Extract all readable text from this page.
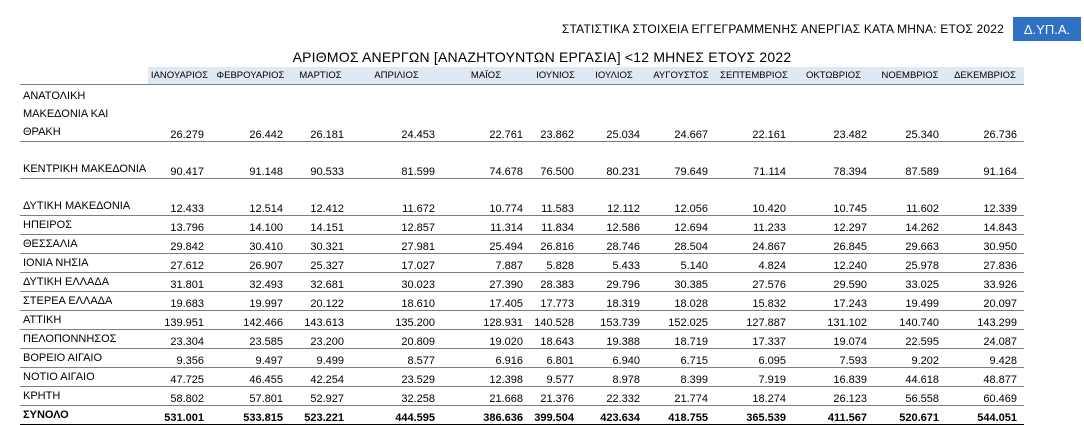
ΣΤΑΤΙΣΤΙΚΑ ΣΤΟΙΧΕΙΑ ΕΓΓΕΓΡΑΜΜΕΝΗΣ ΑΝΕΡΓΙΑΣ ΚΑΤΑ ΜΗΝΑ: ΕΤΟΣ 2022	Δ.ΥΠ.Α.
ΑΡΙΘΜΟΣ ΑΝΕΡΓΩΝ [ΑΝΑΖΗΤΟΥΝΤΩΝ ΕΡΓΑΣΙΑ] <12 ΜΗΝΕΣ ΕΤΟΥΣ 2022
	ΙΑΝΟΥΑΡΙΟΣ	ΦΕΒΡΟΥΑΡΙΟΣ	ΜΑΡΤΙΟΣ	ΑΠΡΙΛΙΟΣ	ΜΑΪΟΣ	ΙΟΥΝΙΟΣ	ΙΟΥΛΙΟΣ	ΑΥΓΟΥΣΤΟΣ	ΣΕΠΤΕΜΒΡΙΟΣ	ΟΚΤΩΒΡΙΟΣ	ΝΟΕΜΒΡΙΟΣ	ΔΕΚΕΜΒΡΙΟΣ
ΑΝΑΤΟΛΙΚΗ ΜΑΚΕΔΟΝΙΑ ΚΑΙ ΘΡΑΚΗ	26.279	26.442	26.181	24.453	22.761	23.862	25.034	24.667	22.161	23.482	25.340	26.736
ΚΕΝΤΡΙΚΗ ΜΑΚΕΔΟΝΙΑ	90.417	91.148	90.533	81.599	74.678	76.500	80.231	79.649	71.114	78.394	87.589	91.164
ΔΥΤΙΚΗ ΜΑΚΕΔΟΝΙΑ	12.433	12.514	12.412	11.672	10.774	11.583	12.112	12.056	10.420	10.745	11.602	12.339
ΗΠΕΙΡΟΣ	13.796	14.100	14.151	12.857	11.314	11.834	12.586	12.694	11.233	12.297	14.262	14.843
ΘΕΣΣΑΛΙΑ	29.842	30.410	30.321	27.981	25.494	26.816	28.746	28.504	24.867	26.845	29.663	30.950
ΙΟΝΙΑ ΝΗΣΙΑ	27.612	26.907	25.327	17.027	7.887	5.828	5.433	5.140	4.824	12.240	25.978	27.836
ΔΥΤΙΚΗ ΕΛΛΑΔΑ	31.801	32.493	32.681	30.023	27.390	28.383	29.796	30.385	27.576	29.590	33.025	33.926
ΣΤΕΡΕΑ ΕΛΛΑΔΑ	19.683	19.997	20.122	18.610	17.405	17.773	18.319	18.028	15.832	17.243	19.499	20.097
ΑΤΤΙΚΗ	139.951	142.466	143.613	135.200	128.931	140.528	153.739	152.025	127.887	131.102	140.740	143.299
ΠΕΛΟΠΟΝΝΗΣΟΣ	23.304	23.585	23.200	20.809	19.020	18.643	19.388	18.719	17.337	19.074	22.595	24.087
ΒΟΡΕΙΟ ΑΙΓΑΙΟ	9.356	9.497	9.499	8.577	6.916	6.801	6.940	6.715	6.095	7.593	9.202	9.428
ΝΟΤΙΟ ΑΙΓΑΙΟ	47.725	46.455	42.254	23.529	12.398	9.577	8.978	8.399	7.919	16.839	44.618	48.877
ΚΡΗΤΗ	58.802	57.801	52.927	32.258	21.668	21.376	22.332	21.774	18.274	26.123	56.558	60.469
ΣΥΝΟΛΟ	531.001	533.815	523.221	444.595	386.636	399.504	423.634	418.755	365.539	411.567	520.671	544.051
